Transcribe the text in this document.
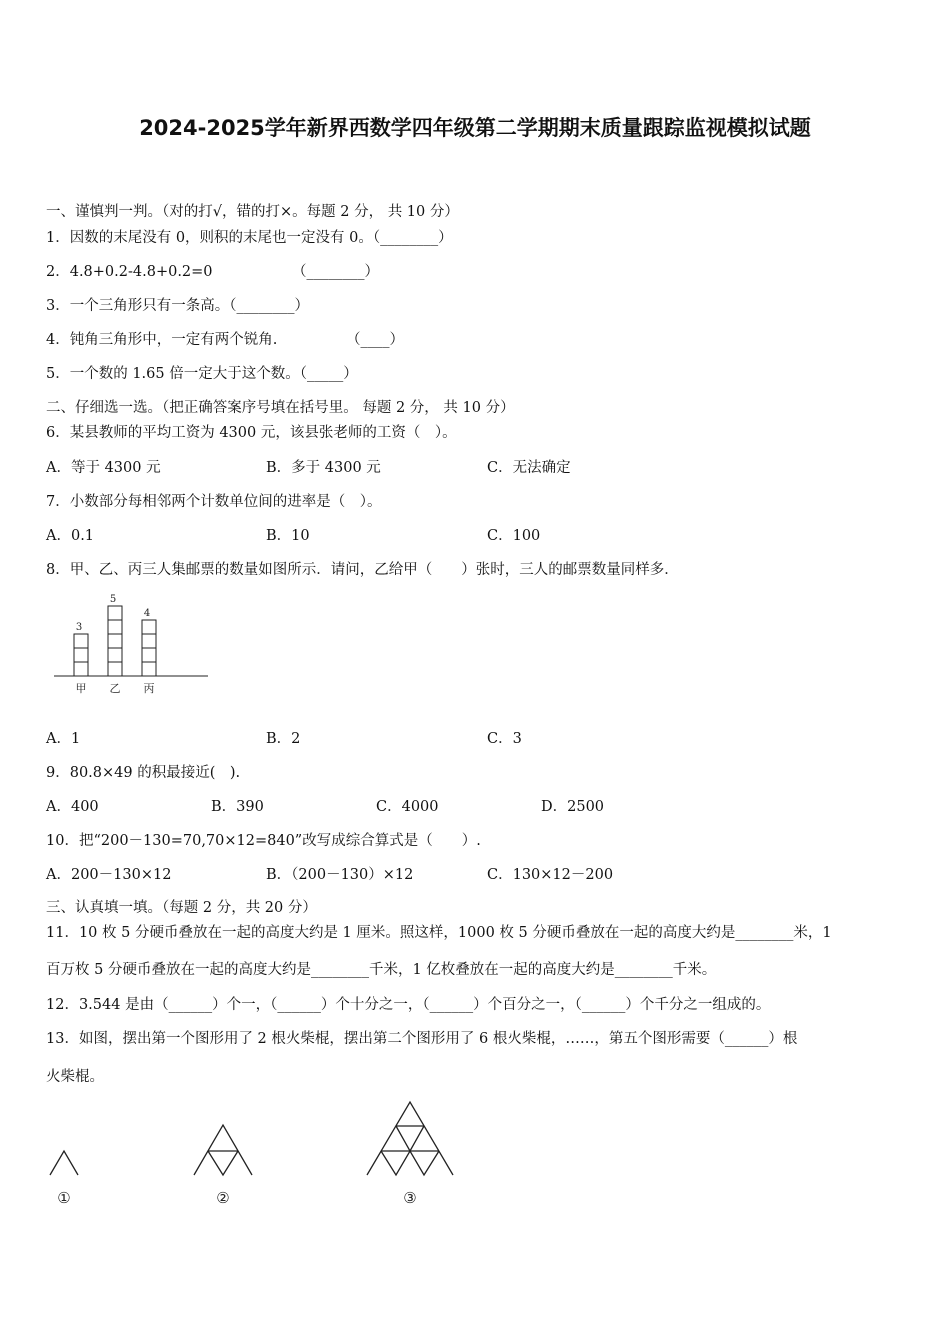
2024-2025学年新界西数学四年级第二学期期末质量跟踪监视模拟试题
一、谨慎判一判。（对的打√，错的打×。每题 2 分， 共 10 分）
1．因数的末尾没有 0，则积的末尾也一定没有 0。（________）
2．4.8+0.2-4.8+0.2=0	（________）
3．一个三角形只有一条高。（________）
4．钝角三角形中，一定有两个锐角.	（____）
5．一个数的 1.65 倍一定大于这个数。（_____）
二、仔细选一选。（把正确答案序号填在括号里。 每题 2 分， 共 10 分）
6．某县教师的平均工资为 4300 元，该县张老师的工资（　）。
A．等于 4300 元	B．多于 4300 元	C．无法确定
7．小数部分每相邻两个计数单位间的进率是（　）。
A．0.1	B．10	C．100
8．甲、乙、丙三人集邮票的数量如图所示．请问，乙给甲（　　）张时，三人的邮票数量同样多．
3
甲
5
乙
4
丙
A．1	B．2	C．3
9．80.8×49 的积最接近(　).
A．400	B．390	C．4000	D．2500
10．把“200－130=70,70×12=840”改写成综合算式是（　　）.
A．200－130×12	B．（200－130）×12	C．130×12－200
三、认真填一填。（每题 2 分，共 20 分）
11．10 枚 5 分硬币叠放在一起的高度大约是 1 厘米。照这样，1000 枚 5 分硬币叠放在一起的高度大约是________米，1
百万枚 5 分硬币叠放在一起的高度大约是________千米，1 亿枚叠放在一起的高度大约是________千米。
12．3.544 是由（______）个一，（______）个十分之一，（______）个百分之一，（______）个千分之一组成的。
13．如图，摆出第一个图形用了 2 根火柴棍，摆出第二个图形用了 6 根火柴棍，……，第五个图形需要（______）根
火柴棍。
①	②	③
